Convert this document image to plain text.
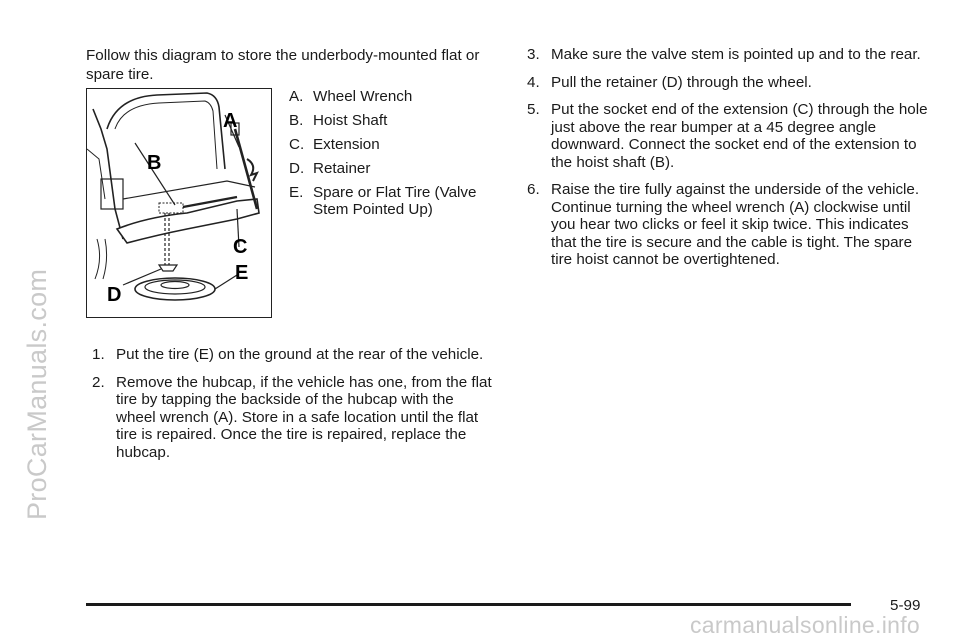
ProCarManuals.com
carmanualsonline.info

Follow this diagram to store the underbody-mounted flat or spare tire.

A
B
C
D
E
A. Wheel Wrench
B. Hoist Shaft
C. Extension
D. Retainer
E. Spare or Flat Tire (Valve Stem Pointed Up)
1. Put the tire (E) on the ground at the rear of the vehicle.
2. Remove the hubcap, if the vehicle has one, from the flat tire by tapping the backside of the hubcap with the wheel wrench (A). Store in a safe location until the flat tire is repaired. Once the tire is repaired, replace the hubcap.
3. Make sure the valve stem is pointed up and to the rear.
4. Pull the retainer (D) through the wheel.
5. Put the socket end of the extension (C) through the hole just above the rear bumper at a 45 degree angle downward. Connect the socket end of the extension to the hoist shaft (B).
6. Raise the tire fully against the underside of the vehicle. Continue turning the wheel wrench (A) clockwise until you hear two clicks or feel it skip twice. This indicates that the tire is secure and the cable is tight. The spare tire hoist cannot be overtightened.
5-99
